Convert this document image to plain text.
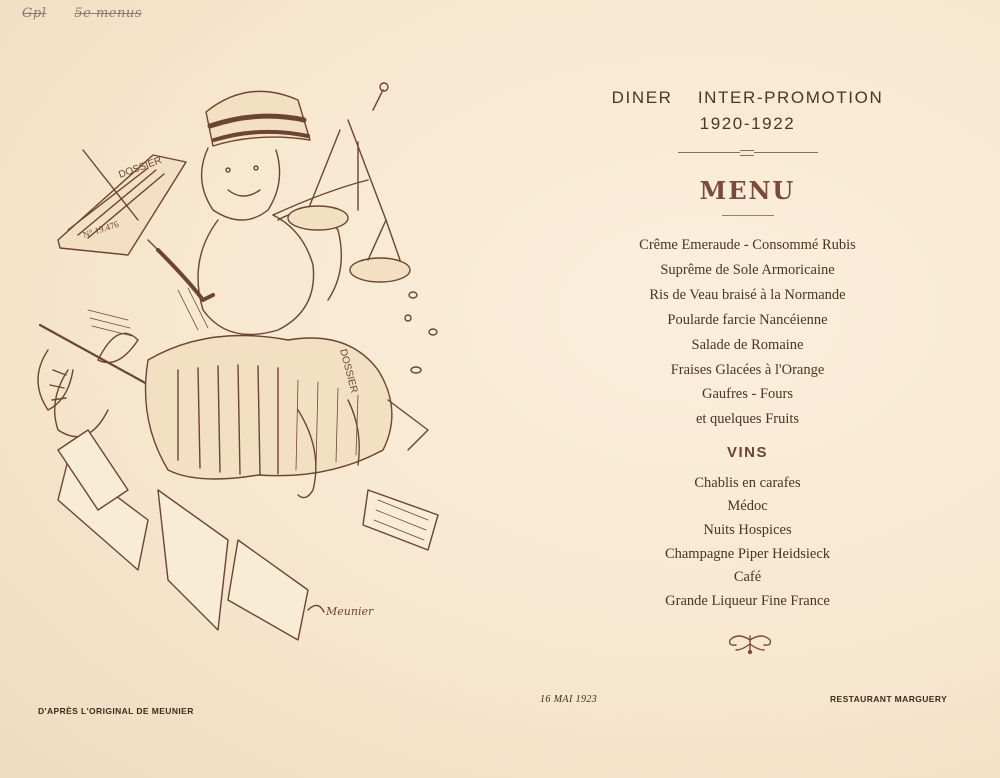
Gpl 5e menus
DOSSIER
N° 19.476
DOSSIER
Meunier
DINER    INTER-PROMOTION
1920-1922
MENU
Crême Emeraude - Consommé Rubis
Suprême de Sole Armoricaine
Ris de Veau braisé à la Normande
Poularde farcie Nancéienne
Salade de Romaine
Fraises Glacées à l'Orange
Gaufres - Fours
et quelques Fruits
VINS
Chablis en carafes
Médoc
Nuits Hospices
Champagne Piper Heidsieck
Café
Grande Liqueur Fine France
D'APRÈS L'ORIGINAL DE MEUNIER
16 MAI 1923	RESTAURANT MARGUERY
